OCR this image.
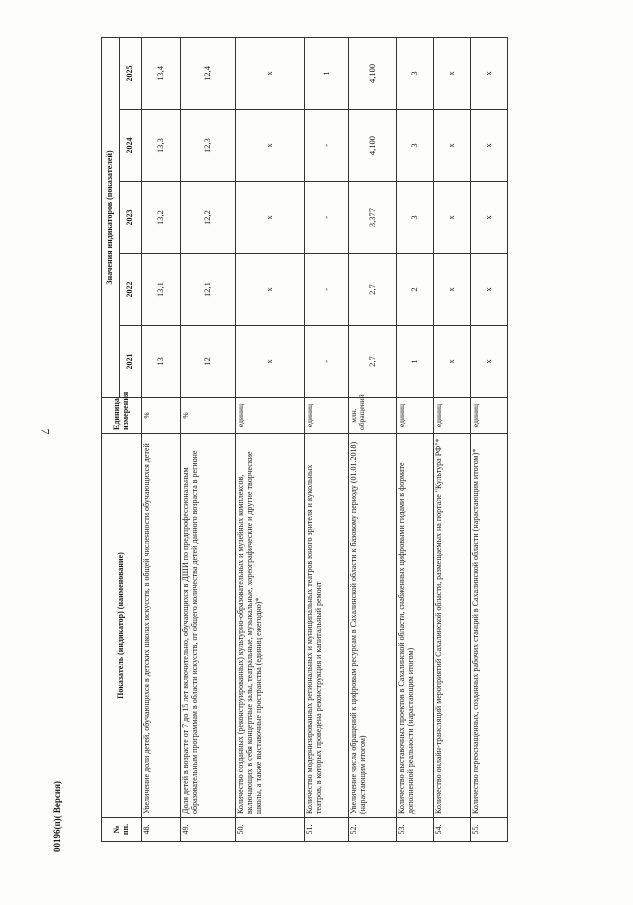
7
№ пп.	Показатель (индикатор) (наименование)	Единица измерения	Значения индикаторов (показателей)				
			2021	2022	2023	2024	2025
48.	Увеличение доли детей, обучающихся в детских школах искусств, в общей численности обучающихся детей	%	13	13,1	13,2	13,3	13,4
49.	Доля детей в возрасте от 7 до 15 лет включительно, обучающихся в ДШИ по предпрофессиональным образовательным программам в области искусств, от общего количества детей данного возраста в регионе	%	12	12,1	12,2	12,3	12,4
50.	Количество созданных (реконструированных) культурно-образовательных и музейных комплексов, включающих в себя концертные залы, театральные, музыкальные, хореографические и другие творческие школы, а также выставочные пространства (единиц ежегодно)*	единиц	х	х	х	х	х
51.	Количество модернизированных региональных и муниципальных театров юного зрителя и кукольных театров, в которых проведена реконструкция и капитальный ремонт	единиц	-	-	-	-	1
52.	Увеличение числа обращений к цифровым ресурсам в Сахалинской области к базовому периоду (01.01.2018) (нарастающим итогом)	млн. обращений	2,7	2,7	3,377	4,100	4,100
53.	Количество выставочных проектов в Сахалинской области, снабженных цифровыми гидами в формате дополненной реальности (нарастающим итогом)	единиц	1	2	3	3	3
54.	Количество онлайн-трансляций мероприятий Сахалинской области, размещаемых на портале "Культура РФ"*	единиц	х	х	х	х	х
55.	Количество переоснащенных, созданных рабочих станций в Сахалинской области (нарастающим итогом)*	единиц	х	х	х	х	х
00196(п)( Версия)
